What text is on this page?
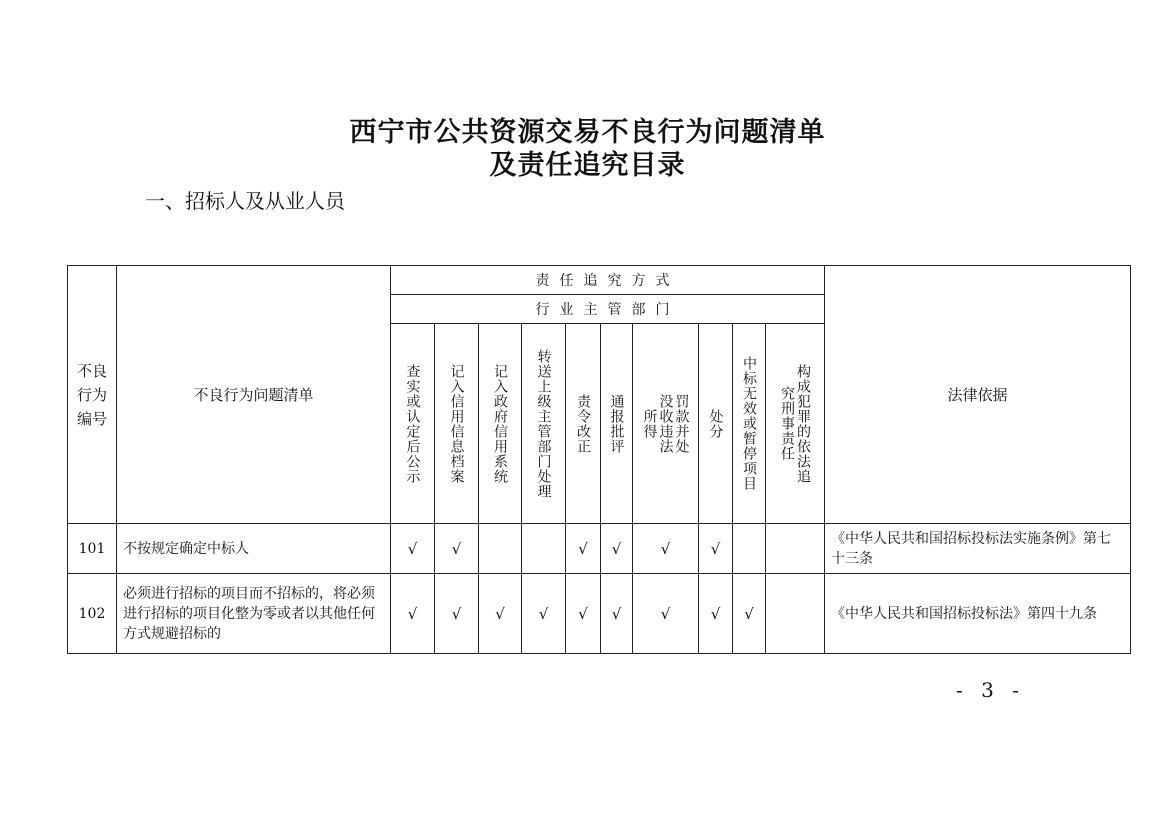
西宁市公共资源交易不良行为问题清单
及责任追究目录
一、招标人及从业人员
不良行为编号	不良行为问题清单	责任追究方式										法律依据
		行业主管部门										

		查实或认定后公示	记入信用信息档案	记入政府信用系统	转送上级主管部门处理	责令改正	通报批评	罚款并处没收违法所得	处分	中标无效或暂停项目	构成犯罪的依法追究刑事责任	

101	不按规定确定中标人	√	√			√	√	√	√			《中华人民共和国招标投标法实施条例》第七十三条
102	必须进行招标的项目而不招标的，将必须进行招标的项目化整为零或者以其他任何方式规避招标的	√	√	√	√	√	√	√	√	√		《中华人民共和国招标投标法》第四十九条
- 3 -
